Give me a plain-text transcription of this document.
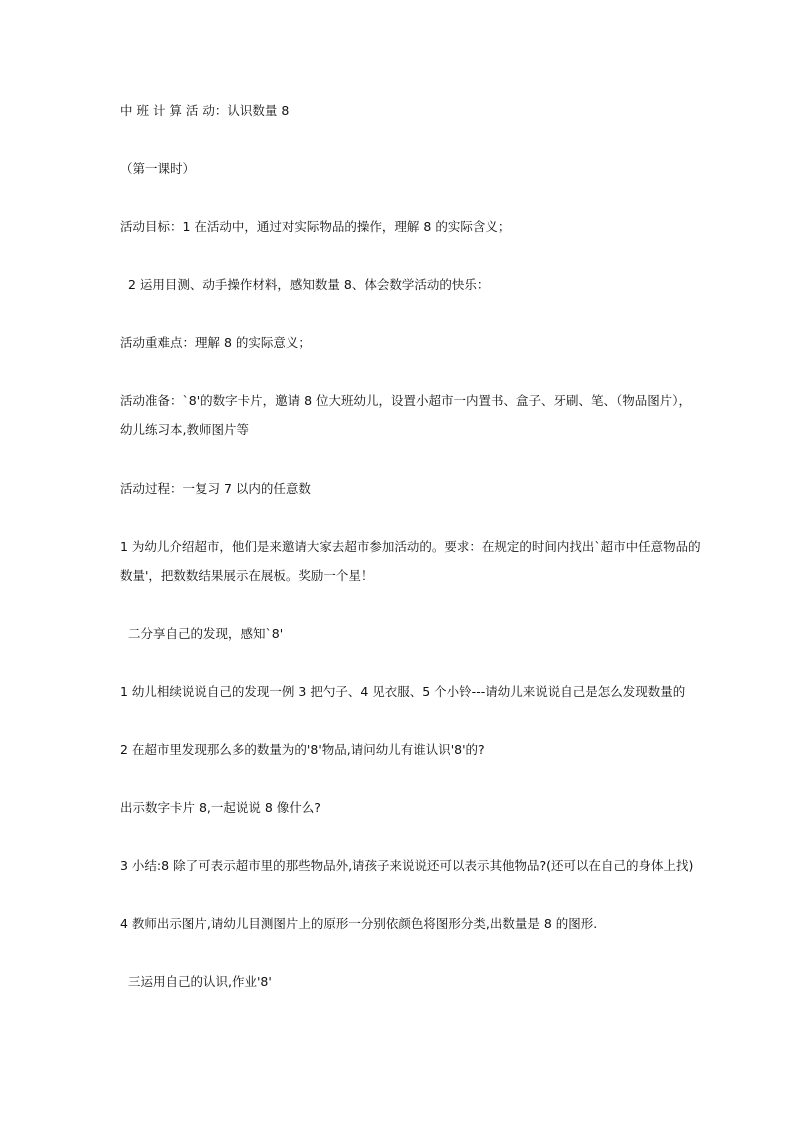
中 班 计 算 活 动：认识数量 8
（第一课时）
活动目标：1 在活动中，通过对实际物品的操作，理解 8 的实际含义；
2 运用目测、动手操作材料，感知数量 8、体会数学活动的快乐：
活动重难点：理解 8 的实际意义；
活动准备：`8'的数字卡片，邀请 8 位大班幼儿，设置小超市一内置书、盒子、牙刷、笔、（物品图片），
幼儿练习本,教师图片等
活动过程：一复习 7 以内的任意数
1 为幼儿介绍超市，他们是来邀请大家去超市参加活动的。要求：在规定的时间内找出`超市中任意物品的
数量'，把数数结果展示在展板。奖励一个星！
二分享自己的发现，感知`8'
1 幼儿相续说说自己的发现一例 3 把勺子、4 见衣服、5 个小铃---请幼儿来说说自己是怎么发现数量的
2 在超市里发现那么多的数量为的'8'物品,请问幼儿有谁认识'8'的?
出示数字卡片 8,一起说说 8 像什么?
3 小结:8 除了可表示超市里的那些物品外,请孩子来说说还可以表示其他物品?(还可以在自己的身体上找)
4 教师出示图片,请幼儿目测图片上的原形一分别依颜色将图形分类,出数量是 8 的图形.
三运用自己的认识,作业'8'
